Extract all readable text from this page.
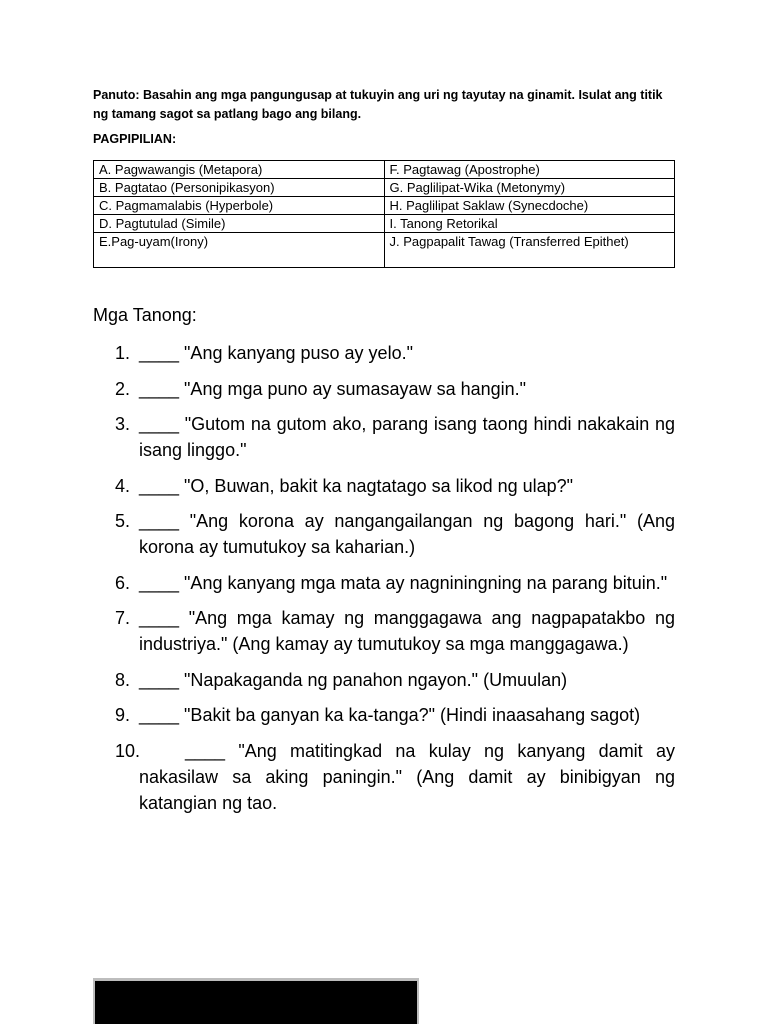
Panuto: Basahin ang mga pangungusap at tukuyin ang uri ng tayutay na ginamit. Isulat ang titik ng tamang sagot sa patlang bago ang bilang.
PAGPIPILIAN:
A. Pagwawangis (Metapora)	F. Pagtawag (Apostrophe)
B. Pagtatao (Personipikasyon)	G. Paglilipat-Wika (Metonymy)
C. Pagmamalabis (Hyperbole)	H. Paglilipat Saklaw (Synecdoche)
D. Pagtutulad (Simile)	I. Tanong Retorikal
E.Pag-uyam(Irony)	J. Pagpapalit Tawag (Transferred Epithet)
Mga Tanong:
1. ____ "Ang kanyang puso ay yelo."
2. ____ "Ang mga puno ay sumasayaw sa hangin."
3. ____ "Gutom na gutom ako, parang isang taong hindi nakakain ng isang linggo."
4. ____ "O, Buwan, bakit ka nagtatago sa likod ng ulap?"
5. ____ "Ang korona ay nangangailangan ng bagong hari." (Ang korona ay tumutukoy sa kaharian.)
6. ____ "Ang kanyang mga mata ay nagniningning na parang bituin."
7. ____ "Ang mga kamay ng manggagawa ang nagpapatakbo ng industriya." (Ang kamay ay tumutukoy sa mga manggagawa.)
8. ____ "Napakaganda ng panahon ngayon." (Umuulan)
9. ____ "Bakit ba ganyan ka ka-tanga?" (Hindi inaasahang sagot)
10. ____ "Ang matitingkad na kulay ng kanyang damit ay nakasilaw sa aking paningin." (Ang damit ay binibigyan ng katangian ng tao.
